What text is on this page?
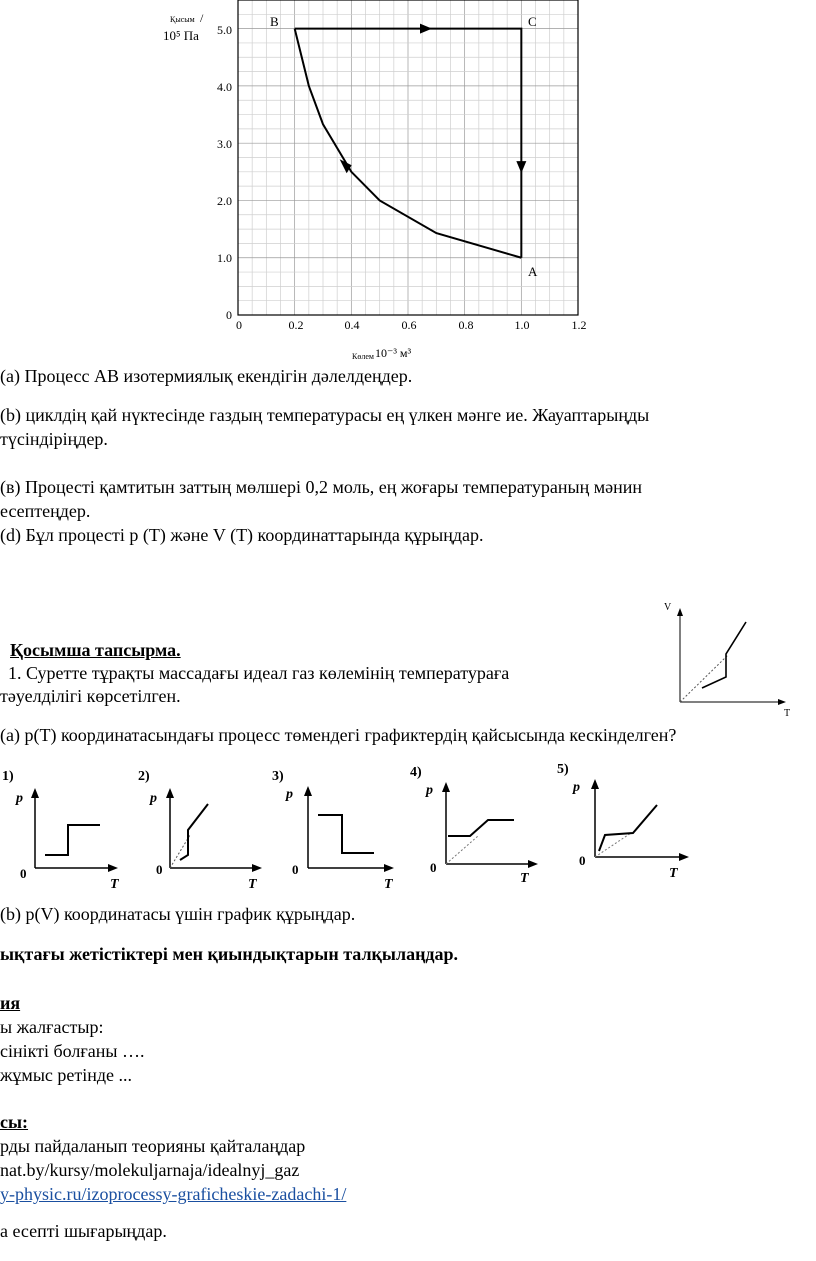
0
1.0
2.0
3.0
4.0
5.0
0	0.2	0.4	0.6	0.8	1.0	1.2
Қысым /
10⁵ Па
Көлем 10⁻³ м³
B	C
A
(a) Процесс АВ изотермиялық екендігін дәлелдеңдер.
(b) циклдің қай нүктесінде газдың температурасы ең үлкен мәнге ие. Жауаптарыңды
түсіндіріңдер.
(в) Процесті қамтитын заттың мөлшері 0,2 моль, ең жоғары температураның мәнин
есептеңдер.
(d) Бұл процесті р (Т) және V (Т) координаттарында құрыңдар.
Қосымша тапсырма.
1. Суретте тұрақты массадағы идеал газ көлемінің температураға
тәуелділігі көрсетілген.
V
T
(a) р(Т) координатасындағы процесс төмендегі графиктердің қайсысында кескінделген?
1)
p
0
T
2)
p
0
T
3)
p
0
T
4)
p
0
T
5)
p
0
T
(b) р(V) координатасы үшін график құрыңдар.
ықтағы жетістіктері мен қиындықтарын талқылаңдар.
ия
ы жалғастыр:
сінікті болғаны ….
жұмыс ретінде ...
сы:
рды пайдаланып теорияны қайталаңдар
nat.by/kursy/molekuljarnaja/idealnyj_gaz
y-physic.ru/izoprocessy-graficheskie-zadachi-1/
а есепті шығарыңдар.
